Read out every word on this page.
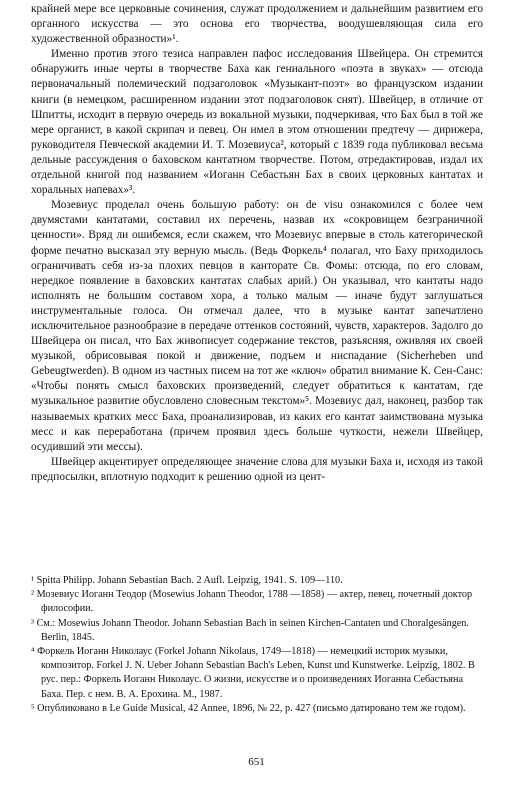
крайней мере все церковные сочинения, служат продолжением и дальнейшим развитием его органного искусства — это основа его творчества, воодушевляющая сила его художественной образности»¹.

Именно против этого тезиса направлен пафос исследования Швейцера. Он стремится обнаружить иные черты в творчестве Баха как гениального «поэта в звуках» — отсюда первоначальный полемический подзаголовок «Музыкант-поэт» во французском издании книги (в немецком, расширенном издании этот подзаголовок снят). Швейцер, в отличие от Шпитты, исходит в первую очередь из вокальной музыки, подчеркивая, что Бах был в той же мере органист, в какой скрипач и певец. Он имел в этом отношении предтечу — дирижера, руководителя Певческой академии И. Т. Мозевиуса², который с 1839 года публиковал весьма дельные рассуждения о баховском кантатном творчестве. Потом, отредактировав, издал их отдельной книгой под названием «Иоганн Себастьян Бах в своих церковных кантатах и хоральных напевах»³.

Мозевиус проделал очень большую работу: он de visu ознакомился с более чем двумястами кантатами, составил их перечень, назвав их «сокровищем безграничной ценности». Вряд ли ошибемся, если скажем, что Мозевиус впервые в столь категорической форме печатно высказал эту верную мысль. (Ведь Форкель⁴ полагал, что Баху приходилось ограничивать себя из-за плохих певцов в канторате Св. Фомы: отсюда, по его словам, нередкое появление в баховских кантатах слабых арий.) Он указывал, что кантаты надо исполнять не большим составом хора, а только малым — иначе будут заглушаться инструментальные голоса. Он отмечал далее, что в музыке кантат запечатлено исключительное разнообразие в передаче оттенков состояний, чувств, характеров. Задолго до Швейцера он писал, что Бах живописует содержание текстов, разъясняя, оживляя их своей музыкой, обрисовывая покой и движение, подъем и ниспадание (Sicherheben und Gebeugtwerden). В одном из частных писем на тот же «ключ» обратил внимание К. Сен-Санс: «Чтобы понять смысл баховских произведений, следует обратиться к кантатам, где музыкальное развитие обусловлено словесным текстом»⁵. Мозевиус дал, наконец, разбор так называемых кратких месс Баха, проанализировав, из каких его кантат заимствована музыка месс и как переработана (причем проявил здесь больше чуткости, нежели Швейцер, осудивший эти мессы).

Швейцер акцентирует определяющее значение слова для музыки Баха и, исходя из такой предпосылки, вплотную подходит к решению одной из цент-

¹ Spitta Philipp. Johann Sebastian Bach. 2 Aufl. Leipzig, 1941. S. 109—110.

² Мозевиус Иоганн Теодор (Mosewius Johann Theodor, 1788 —1858) — актер, певец, почетный доктор философии.

³ См.: Mosewius Johann Theodor. Johann Sebastian Bach in seinen Kirchen-Cantaten und Choralgesängen. Berlin, 1845.

⁴ Форкель Иоганн Николаус (Forkel Johann Nikolaus, 1749—1818) — немецкий историк музыки, композитор. Forkel J. N. Ueber Johann Sebastian Bach's Leben, Kunst und Kunstwerke. Leipzig, 1802. В рус. пер.: Форкель Иоганн Николаус. О жизни, искусстве и о произведениях Иоганна Себастьяна Баха. Пер. с нем. В. А. Ерохина. М., 1987.

⁵ Опубликовано в Le Guide Musical, 42 Annee, 1896, № 22, p. 427 (письмо датировано тем же годом).

651
